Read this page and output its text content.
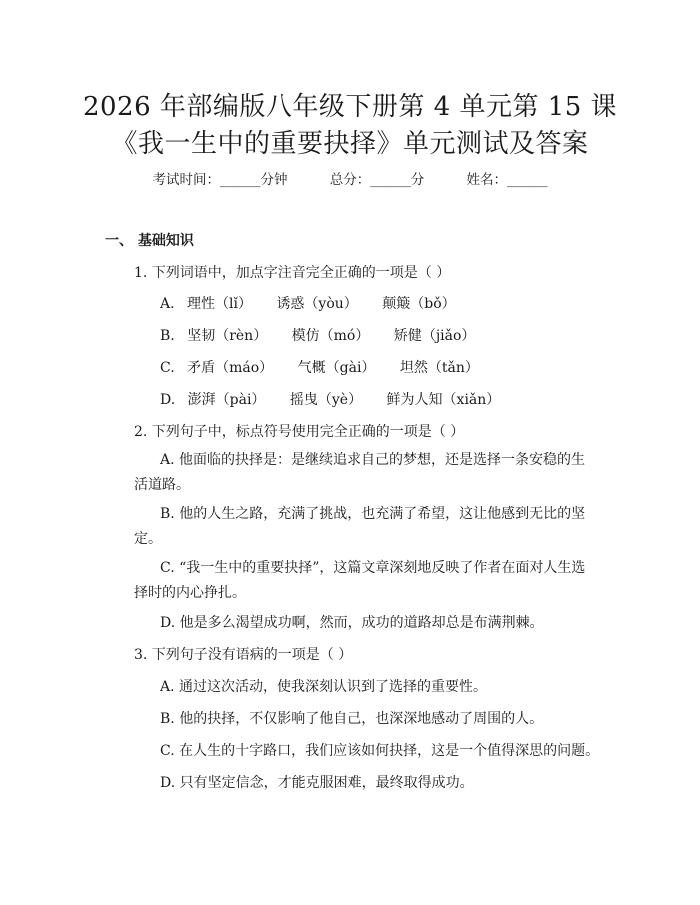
2026 年部编版八年级下册第 4 单元第 15 课
《我一生中的重要抉择》单元测试及答案
考试时间：______分钟	总分：______分	姓名：______
一、 基础知识
1. 下列词语中，加点字注音完全正确的一项是（ ）
A. 理性（lǐ） 诱惑（yòu） 颠簸（bǒ）
B. 坚韧（rèn） 模仿（mó） 矫健（jiǎo）
C. 矛盾（máo） 气概（gài） 坦然（tǎn）
D. 澎湃（pài） 摇曳（yè） 鲜为人知（xiǎn）
2. 下列句子中，标点符号使用完全正确的一项是（ ）
A. 他面临的抉择是：是继续追求自己的梦想，还是选择一条安稳的生活道路。
B. 他的人生之路，充满了挑战，也充满了希望，这让他感到无比的坚定。
C. “我一生中的重要抉择”，这篇文章深刻地反映了作者在面对人生选择时的内心挣扎。
D. 他是多么渴望成功啊，然而，成功的道路却总是布满荆棘。
3. 下列句子没有语病的一项是（ ）
A. 通过这次活动，使我深刻认识到了选择的重要性。
B. 他的抉择，不仅影响了他自己，也深深地感动了周围的人。
C. 在人生的十字路口，我们应该如何抉择，这是一个值得深思的问题。
D. 只有坚定信念，才能克服困难，最终取得成功。
